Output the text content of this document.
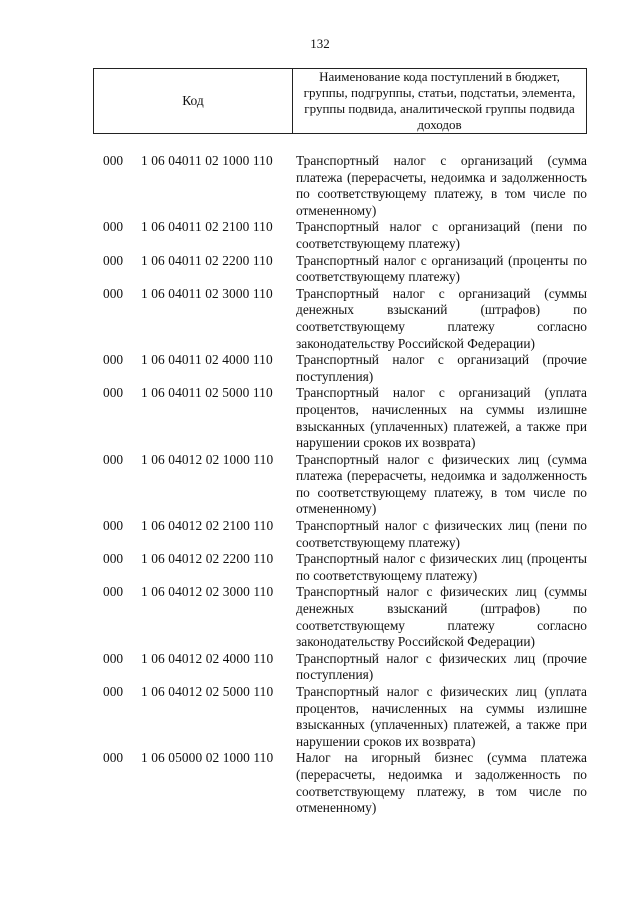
132
Код
Наименование кода поступлений в бюджет, группы, подгруппы, статьи, подстатьи, элемента, группы подвида, аналитической группы подвида доходов
000 1 06 04011 02 1000 110 Транспортный налог с организаций (сумма платежа (перерасчеты, недоимка и задолженность по соответствующему платежу, в том числе по отмененному)
000 1 06 04011 02 2100 110 Транспортный налог с организаций (пени по соответствующему платежу)
000 1 06 04011 02 2200 110 Транспортный налог с организаций (проценты по соответствующему платежу)
000 1 06 04011 02 3000 110 Транспортный налог с организаций (суммы денежных взысканий (штрафов) по соответствующему платежу согласно законодательству Российской Федерации)
000 1 06 04011 02 4000 110 Транспортный налог с организаций (прочие поступления)
000 1 06 04011 02 5000 110 Транспортный налог с организаций (уплата процентов, начисленных на суммы излишне взысканных (уплаченных) платежей, а также при нарушении сроков их возврата)
000 1 06 04012 02 1000 110 Транспортный налог с физических лиц (сумма платежа (перерасчеты, недоимка и задолженность по соответствующему платежу, в том числе по отмененному)
000 1 06 04012 02 2100 110 Транспортный налог с физических лиц (пени по соответствующему платежу)
000 1 06 04012 02 2200 110 Транспортный налог с физических лиц (проценты по соответствующему платежу)
000 1 06 04012 02 3000 110 Транспортный налог с физических лиц (суммы денежных взысканий (штрафов) по соответствующему платежу согласно законодательству Российской Федерации)
000 1 06 04012 02 4000 110 Транспортный налог с физических лиц (прочие поступления)
000 1 06 04012 02 5000 110 Транспортный налог с физических лиц (уплата процентов, начисленных на суммы излишне взысканных (уплаченных) платежей, а также при нарушении сроков их возврата)
000 1 06 05000 02 1000 110 Налог на игорный бизнес (сумма платежа (перерасчеты, недоимка и задолженность по соответствующему платежу, в том числе по отмененному)
